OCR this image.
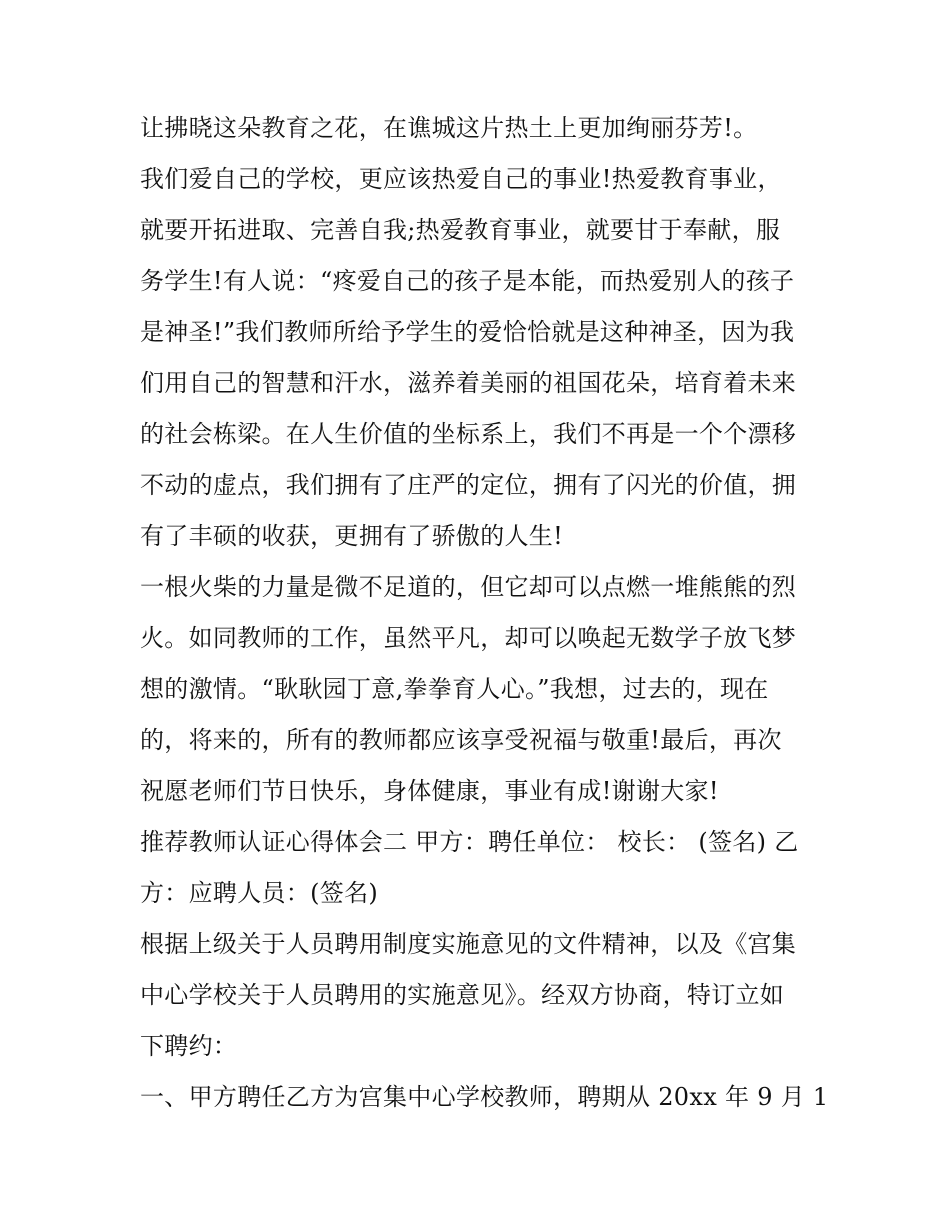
让拂晓这朵教育之花，在谯城这片热土上更加绚丽芬芳!。
我们爱自己的学校，更应该热爱自己的事业!热爱教育事业，
就要开拓进取、完善自我;热爱教育事业，就要甘于奉献，服
务学生!有人说：“疼爱自己的孩子是本能，而热爱别人的孩子
是神圣!”我们教师所给予学生的爱恰恰就是这种神圣，因为我
们用自己的智慧和汗水，滋养着美丽的祖国花朵，培育着未来
的社会栋梁。在人生价值的坐标系上，我们不再是一个个漂移
不动的虚点，我们拥有了庄严的定位，拥有了闪光的价值，拥
有了丰硕的收获，更拥有了骄傲的人生!
一根火柴的力量是微不足道的，但它却可以点燃一堆熊熊的烈
火。如同教师的工作，虽然平凡，却可以唤起无数学子放飞梦
想的激情。“耿耿园丁意,拳拳育人心。”我想，过去的，现在
的，将来的，所有的教师都应该享受祝福与敬重!最后，再次
祝愿老师们节日快乐，身体健康，事业有成!谢谢大家!
推荐教师认证心得体会二 甲方：聘任单位： 校长： (签名) 乙
方：应聘人员：(签名)
根据上级关于人员聘用制度实施意见的文件精神，以及《宫集
中心学校关于人员聘用的实施意见》。经双方协商，特订立如
下聘约：
一、甲方聘任乙方为宫集中心学校教师，聘期从 20xx 年 9 月 1
